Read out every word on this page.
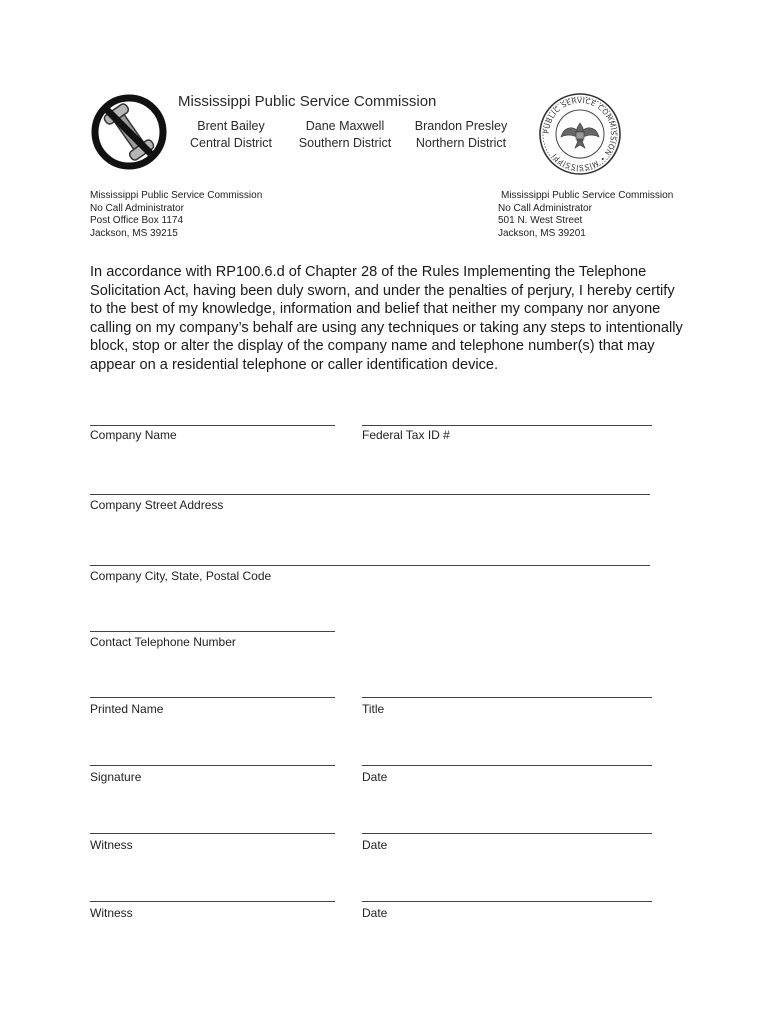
Mississippi Public Service Commission
Brent Bailey
Central District
Dane Maxwell
Southern District
Brandon Presley
Northern District
PUBLIC SERVICE COMMISSION • MISSISSIPPI
Mississippi Public Service Commission
No Call Administrator
Post Office Box 1174
Jackson, MS 39215
Mississippi Public Service Commission
No Call Administrator
501 N. West Street
Jackson, MS 39201
In accordance with RP100.6.d of Chapter 28 of the Rules Implementing the Telephone Solicitation Act, having been duly sworn, and under the penalties of perjury, I hereby certify to the best of my knowledge, information and belief that neither my company nor anyone calling on my company’s behalf are using any techniques or taking any steps to intentionally block, stop or alter the display of the company name and telephone number(s) that may appear on a residential telephone or caller identification device.
Company Name	Federal Tax ID #
Company Street Address
Company City, State, Postal Code
Contact Telephone Number
Printed Name	Title
Signature	Date
Witness	Date
Witness	Date
